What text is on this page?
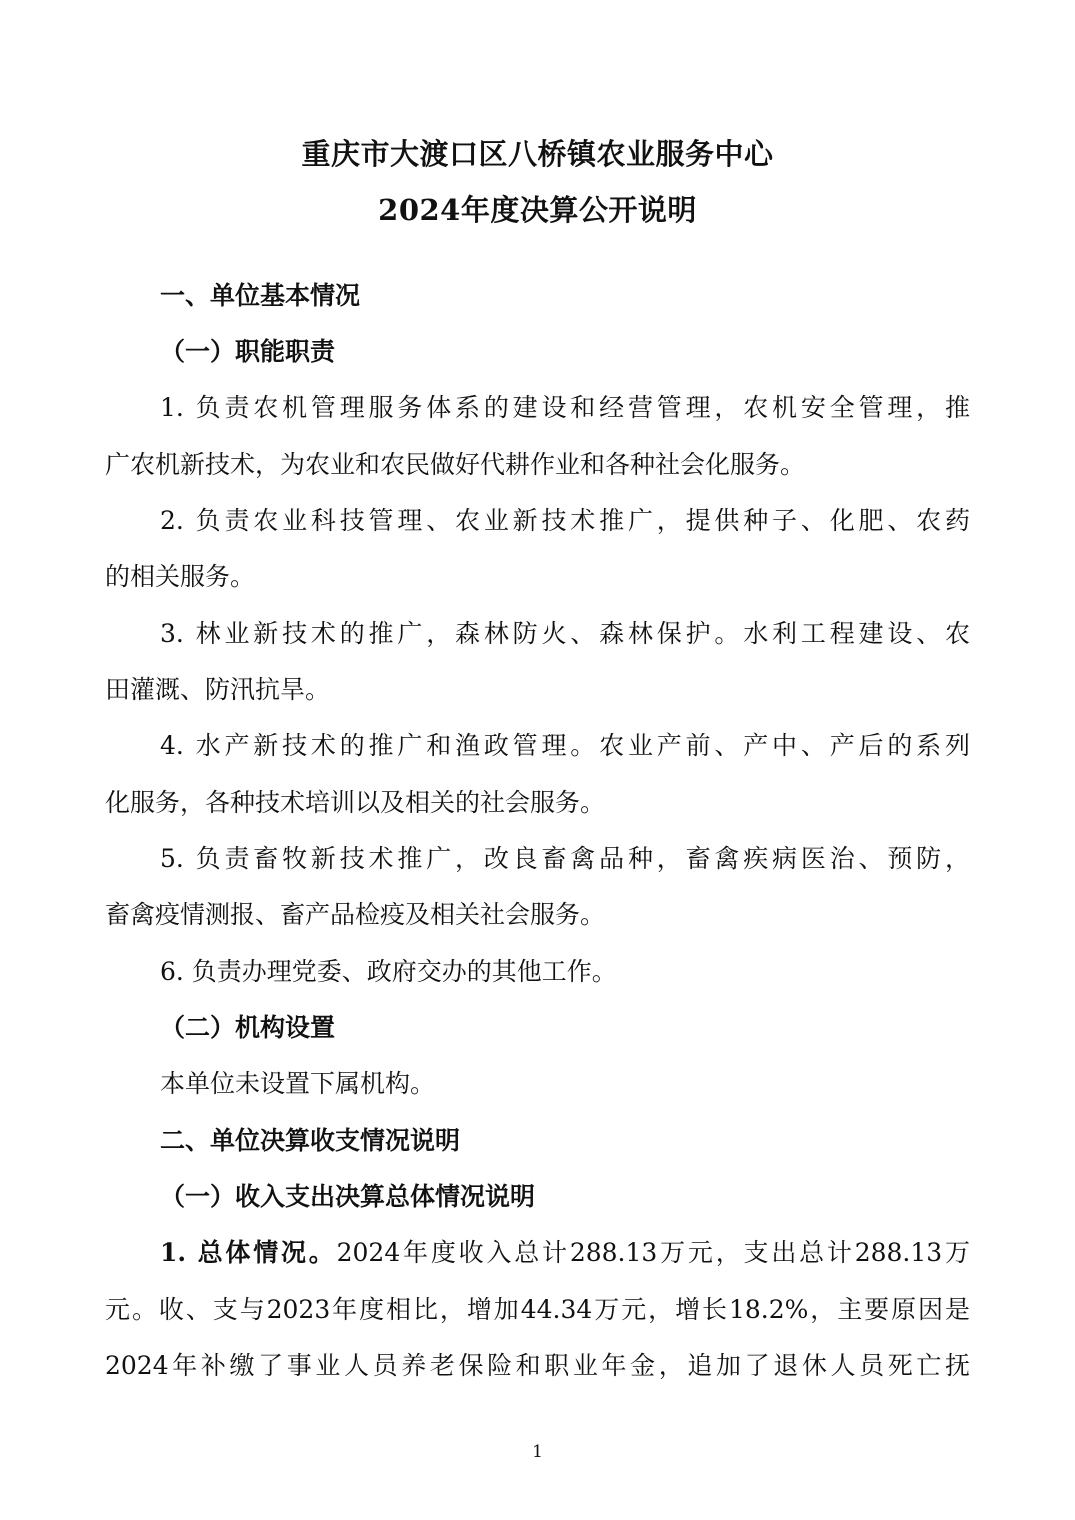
重庆市大渡口区八桥镇农业服务中心
2024年度决算公开说明
一、单位基本情况
（一）职能职责
1. 负责农机管理服务体系的建设和经营管理，农机安全管理，推
广农机新技术，为农业和农民做好代耕作业和各种社会化服务。
2. 负责农业科技管理、农业新技术推广，提供种子、化肥、农药
的相关服务。
3. 林业新技术的推广，森林防火、森林保护。水利工程建设、农
田灌溉、防汛抗旱。
4. 水产新技术的推广和渔政管理。农业产前、产中、产后的系列
化服务，各种技术培训以及相关的社会服务。
5. 负责畜牧新技术推广，改良畜禽品种，畜禽疾病医治、预防，
畜禽疫情测报、畜产品检疫及相关社会服务。
6. 负责办理党委、政府交办的其他工作。
（二）机构设置
本单位未设置下属机构。
二、单位决算收支情况说明
（一）收入支出决算总体情况说明
1. 总体情况。2024年度收入总计288.13万元，支出总计288.13万
元。收、支与2023年度相比，增加44.34万元，增长18.2%，主要原因是
2024年补缴了事业人员养老保险和职业年金，追加了退休人员死亡抚
1
